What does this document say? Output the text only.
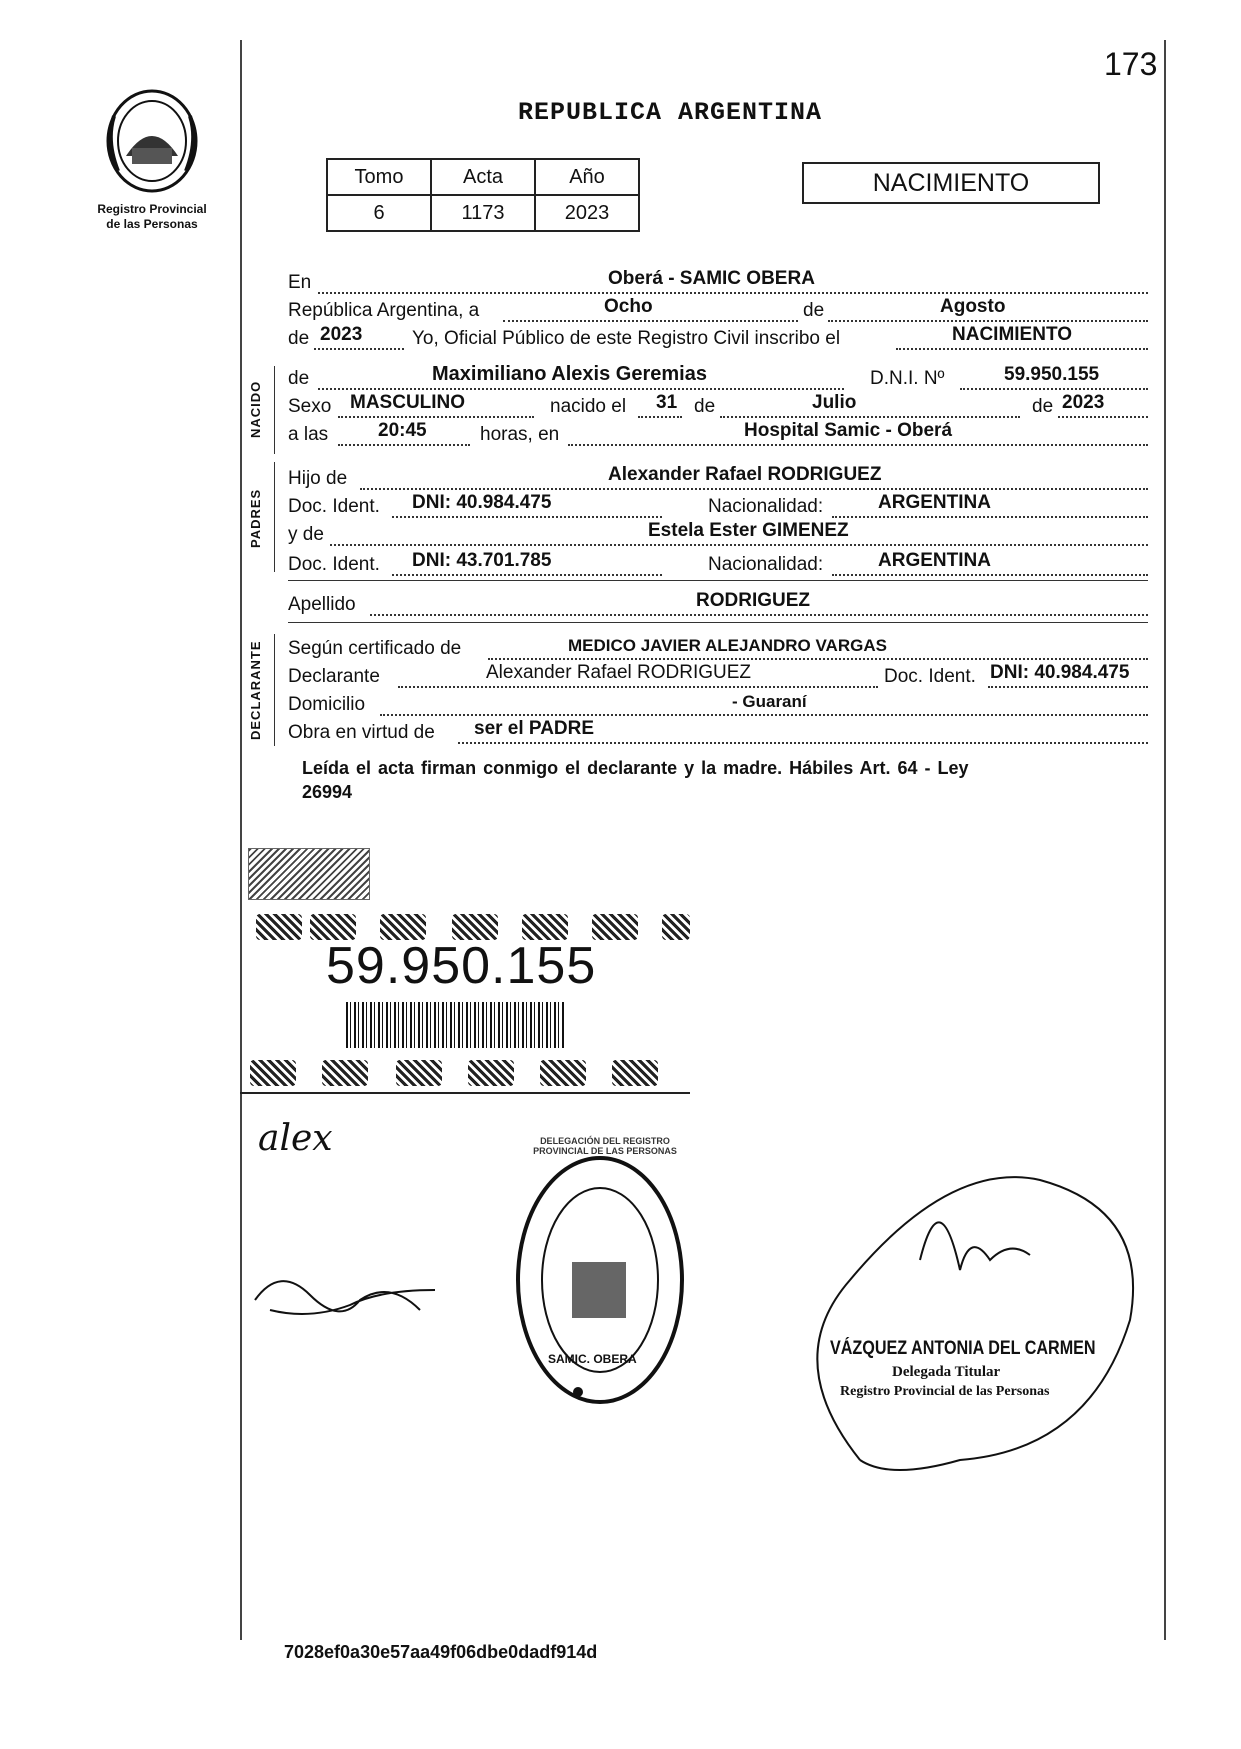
173
Registro Provincial
de las Personas
REPUBLICA ARGENTINA
Tomo	Acta	Año
6	1173	2023
NACIMIENTO
En	Oberá - SAMIC OBERA
República Argentina, a	Ocho	de	Agosto
de 2023	Yo, Oficial Público de este Registro Civil inscribo el	NACIMIENTO
NACIDO
de	Maximiliano Alexis Geremias	D.N.I. Nº	59.950.155
Sexo MASCULINO	nacido el 31 de	Julio	de 2023
a las	20:45	horas, en	Hospital Samic - Oberá
PADRES
Hijo de	Alexander Rafael RODRIGUEZ
Doc. Ident. DNI: 40.984.475	Nacionalidad:	ARGENTINA
y de	Estela Ester GIMENEZ
Doc. Ident. DNI: 43.701.785	Nacionalidad:	ARGENTINA
Apellido	RODRIGUEZ
DECLARANTE Según certificado de	MEDICO JAVIER ALEJANDRO VARGAS
Declarante	Alexander Rafael RODRIGUEZ	Doc. Ident. DNI: 40.984.475
Domicilio	- Guaraní
Obra en virtud de ser el PADRE
Leída el acta firman conmigo el declarante y la madre. Hábiles Art. 64 - Ley
26994
59.950.155
alex	DELEGACIÓN DEL REGISTRO PROVINCIAL DE LAS PERSONAS
SAMIC. OBERA	VÁZQUEZ ANTONIA DEL CARMEN
Delegada Titular
Registro Provincial de las Personas
7028ef0a30e57aa49f06dbe0dadf914d
